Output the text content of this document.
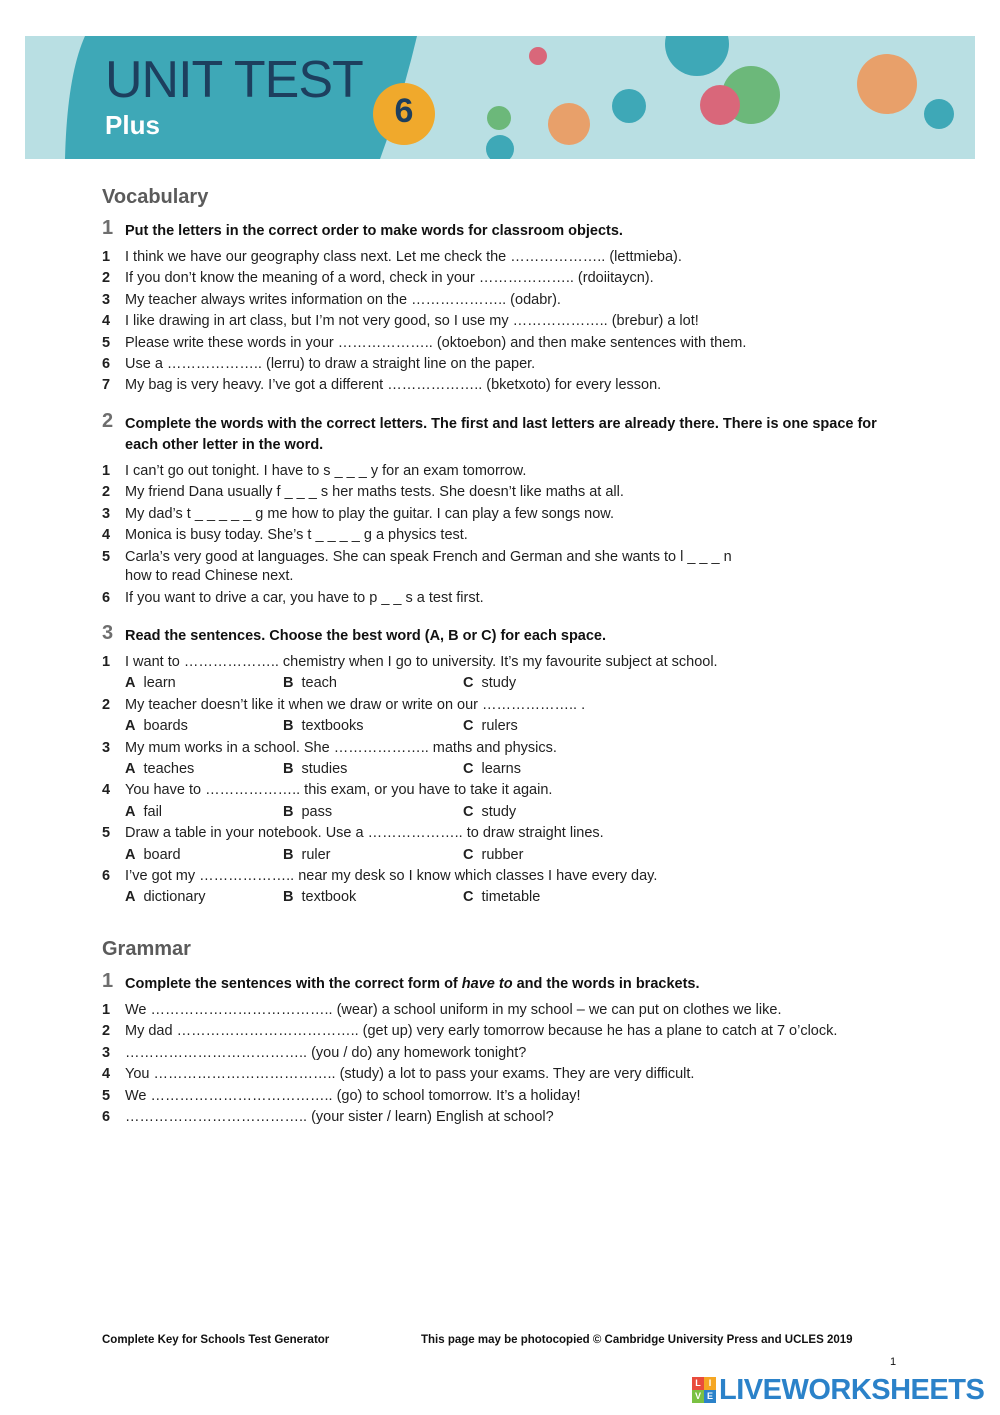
UNIT TEST
Plus	6
Vocabulary
1 Put the letters in the correct order to make words for classroom objects.
1 I think we have our geography class next. Let me check the ……………….. (lettmieba).
2 If you don’t know the meaning of a word, check in your ……………….. (rdoiitaycn).
3 My teacher always writes information on the ……………….. (odabr).
4 I like drawing in art class, but I’m not very good, so I use my ……………….. (brebur) a lot!
5 Please write these words in your ……………….. (oktoebon) and then make sentences with them.
6 Use a ……………….. (lerru) to draw a straight line on the paper.
7 My bag is very heavy. I’ve got a different ……………….. (bketxoto) for every lesson.
2 Complete the words with the correct letters. The first and last letters are already there. There is one space for each other letter in the word.
1 I can’t go out tonight. I have to s _ _ _ y for an exam tomorrow.
2 My friend Dana usually f _ _ _ s her maths tests. She doesn’t like maths at all.
3 My dad’s t _ _ _ _ _ g me how to play the guitar. I can play a few songs now.
4 Monica is busy today. She’s t _ _ _ _ g a physics test.
5 Carla’s very good at languages. She can speak French and German and she wants to l _ _ _ n how to read Chinese next.
6 If you want to drive a car, you have to p _ _ s a test first.
3 Read the sentences. Choose the best word (A, B or C) for each space.
1 I want to ……………….. chemistry when I go to university. It’s my favourite subject at school.
A learn	B teach	C study
2 My teacher doesn’t like it when we draw or write on our ……………….. .
A boards	B textbooks	C rulers
3 My mum works in a school. She ……………….. maths and physics.
A teaches	B studies	C learns
4 You have to ……………….. this exam, or you have to take it again.
A fail	B pass	C study
5 Draw a table in your notebook. Use a ……………….. to draw straight lines.
A board	B ruler	C rubber
6 I’ve got my ……………….. near my desk so I know which classes I have every day.
A dictionary	B textbook	C timetable
Grammar
1 Complete the sentences with the correct form of have to and the words in brackets.
1 We ……………………………….. (wear) a school uniform in my school – we can put on clothes we like.
2 My dad ……………………………….. (get up) very early tomorrow because he has a plane to catch at 7 o’clock.
3 ……………………………….. (you / do) any homework tonight?
4 You ……………………………….. (study) a lot to pass your exams. They are very difficult.
5 We ……………………………….. (go) to school tomorrow. It’s a holiday!
6 ……………………………….. (your sister / learn) English at school?
Complete Key for Schools Test Generator	This page may be photocopied © Cambridge University Press and UCLES 2019
1
L I
V E LIVEWORKSHEETS
